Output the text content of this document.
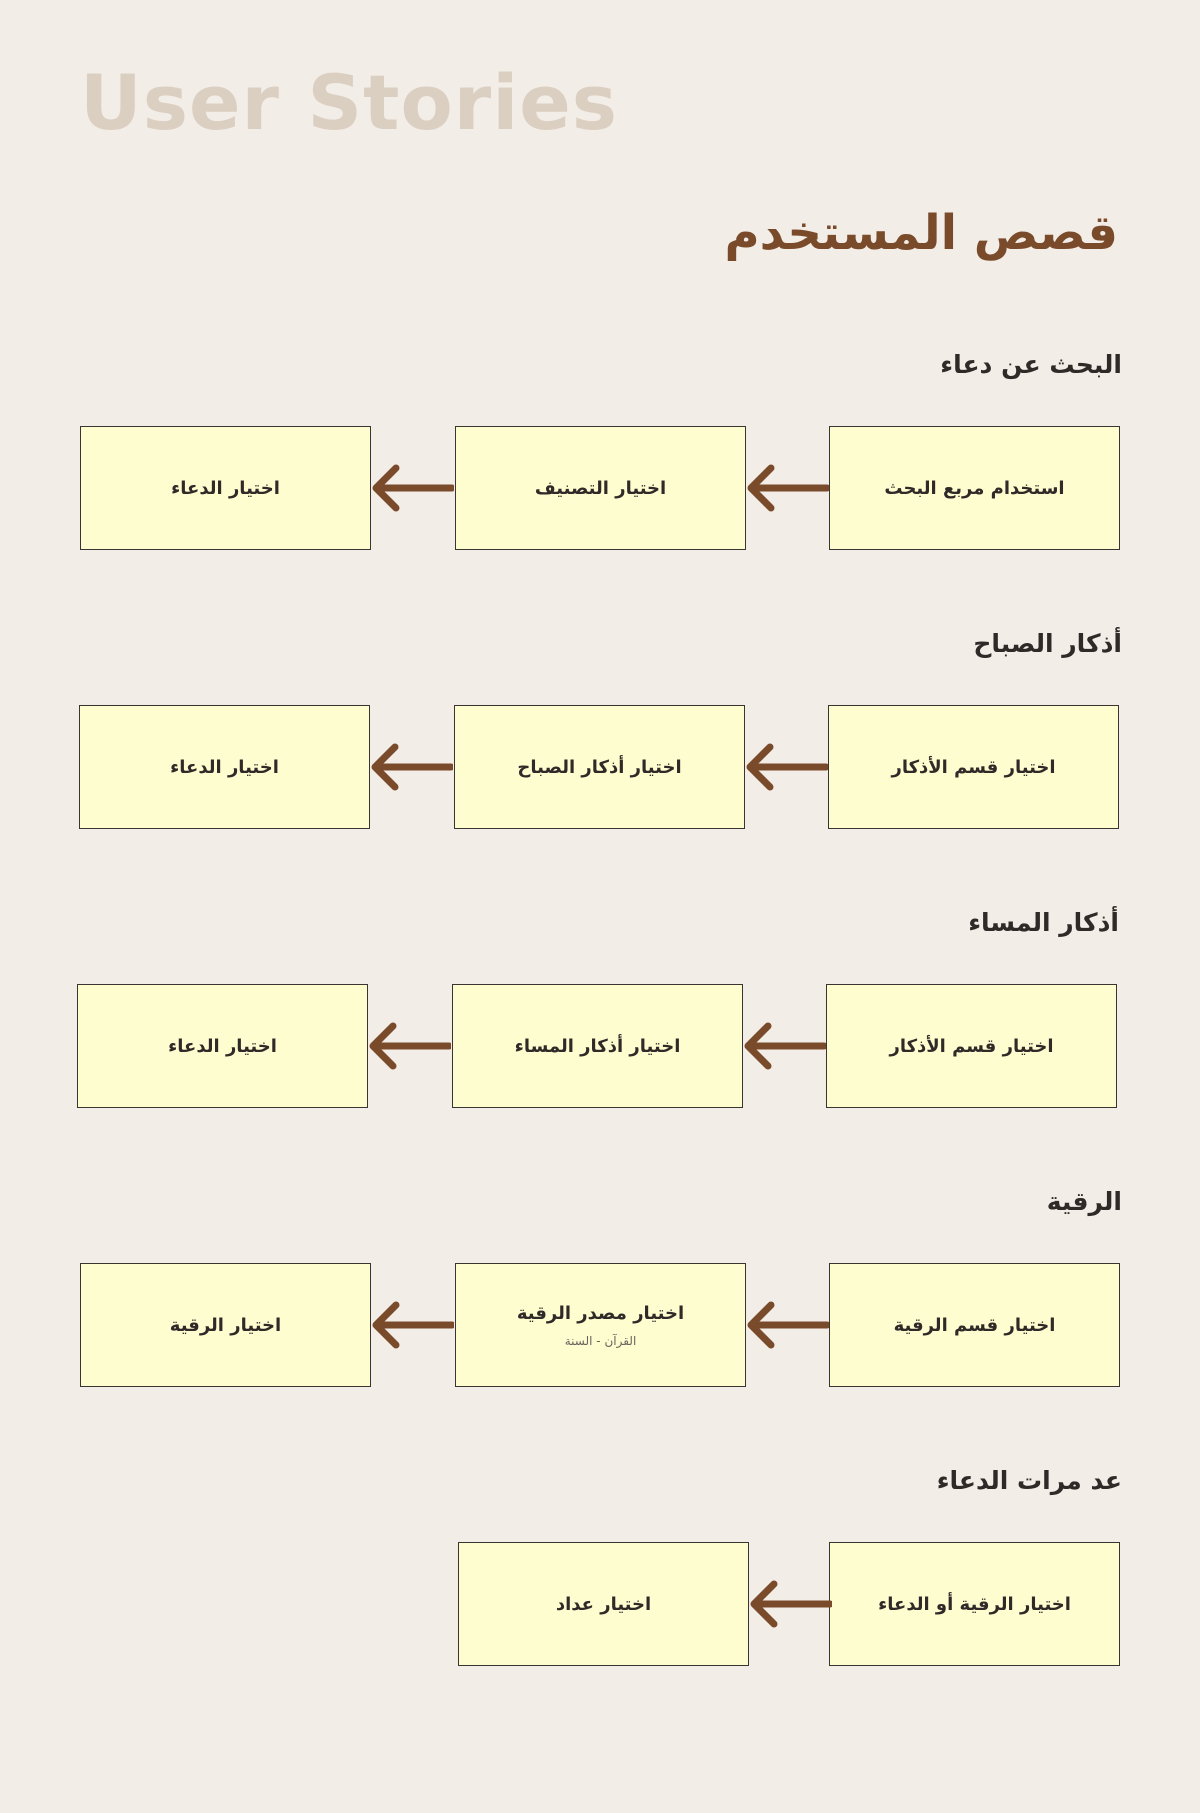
User Stories
قصص المستخدم
البحث عن دعاء
استخدام مربع البحث
اختيار التصنيف
اختيار الدعاء
أذكار الصباح
اختيار قسم الأذكار
اختيار أذكار الصباح
اختيار الدعاء
أذكار المساء
اختيار قسم الأذكار
اختيار أذكار المساء
اختيار الدعاء
الرقية
اختيار قسم الرقية
اختيار مصدر الرقية
القرآن - السنة
اختيار الرقية
عد مرات الدعاء
اختيار الرقية أو الدعاء
اختيار عداد
